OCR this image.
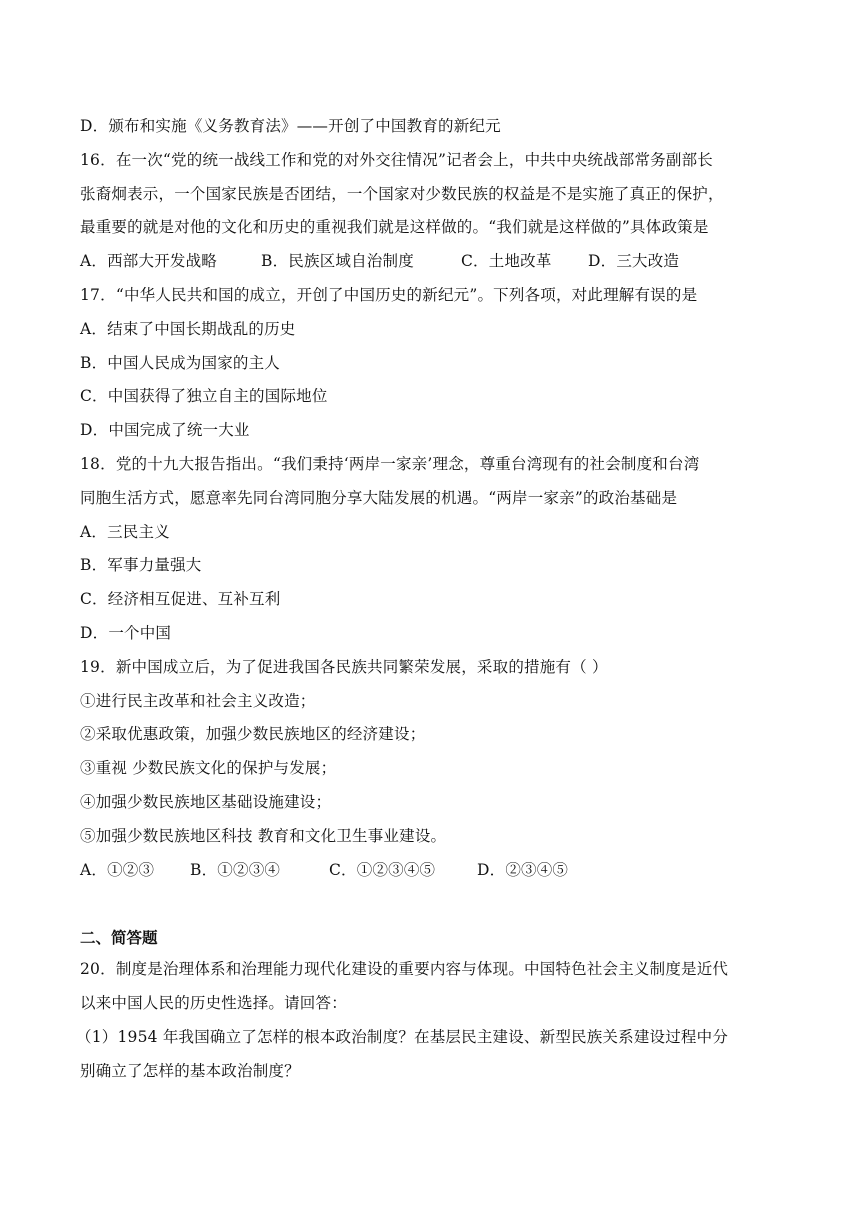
D．颁布和实施《义务教育法》——开创了中国教育的新纪元
16．在一次“党的统一战线工作和党的对外交往情况”记者会上，中共中央统战部常务副部长
张裔炯表示，一个国家民族是否团结，一个国家对少数民族的权益是不是实施了真正的保护，
最重要的就是对他的文化和历史的重视我们就是这样做的。“我们就是这样做的”具体政策是
A．西部大开发战略	B．民族区域自治制度	C．土地改革	D．三大改造
17．“中华人民共和国的成立，开创了中国历史的新纪元”。下列各项，对此理解有误的是
A．结束了中国长期战乱的历史
B．中国人民成为国家的主人
C．中国获得了独立自主的国际地位
D．中国完成了统一大业
18．党的十九大报告指出。“我们秉持‘两岸一家亲’理念，尊重台湾现有的社会制度和台湾
同胞生活方式，愿意率先同台湾同胞分享大陆发展的机遇。“两岸一家亲”的政治基础是
A．三民主义
B．军事力量强大
C．经济相互促进、互补互利
D．一个中国
19．新中国成立后，为了促进我国各民族共同繁荣发展，采取的措施有（ ）
①进行民主改革和社会主义改造；
②采取优惠政策，加强少数民族地区的经济建设；
③重视 少数民族文化的保护与发展；
④加强少数民族地区基础设施建设；
⑤加强少数民族地区科技 教育和文化卫生事业建设。
A．①②③	B．①②③④	C．①②③④⑤	D．②③④⑤
二、简答题
20．制度是治理体系和治理能力现代化建设的重要内容与体现。中国特色社会主义制度是近代
以来中国人民的历史性选择。请回答：
（1）1954 年我国确立了怎样的根本政治制度？在基层民主建设、新型民族关系建设过程中分
别确立了怎样的基本政治制度？
